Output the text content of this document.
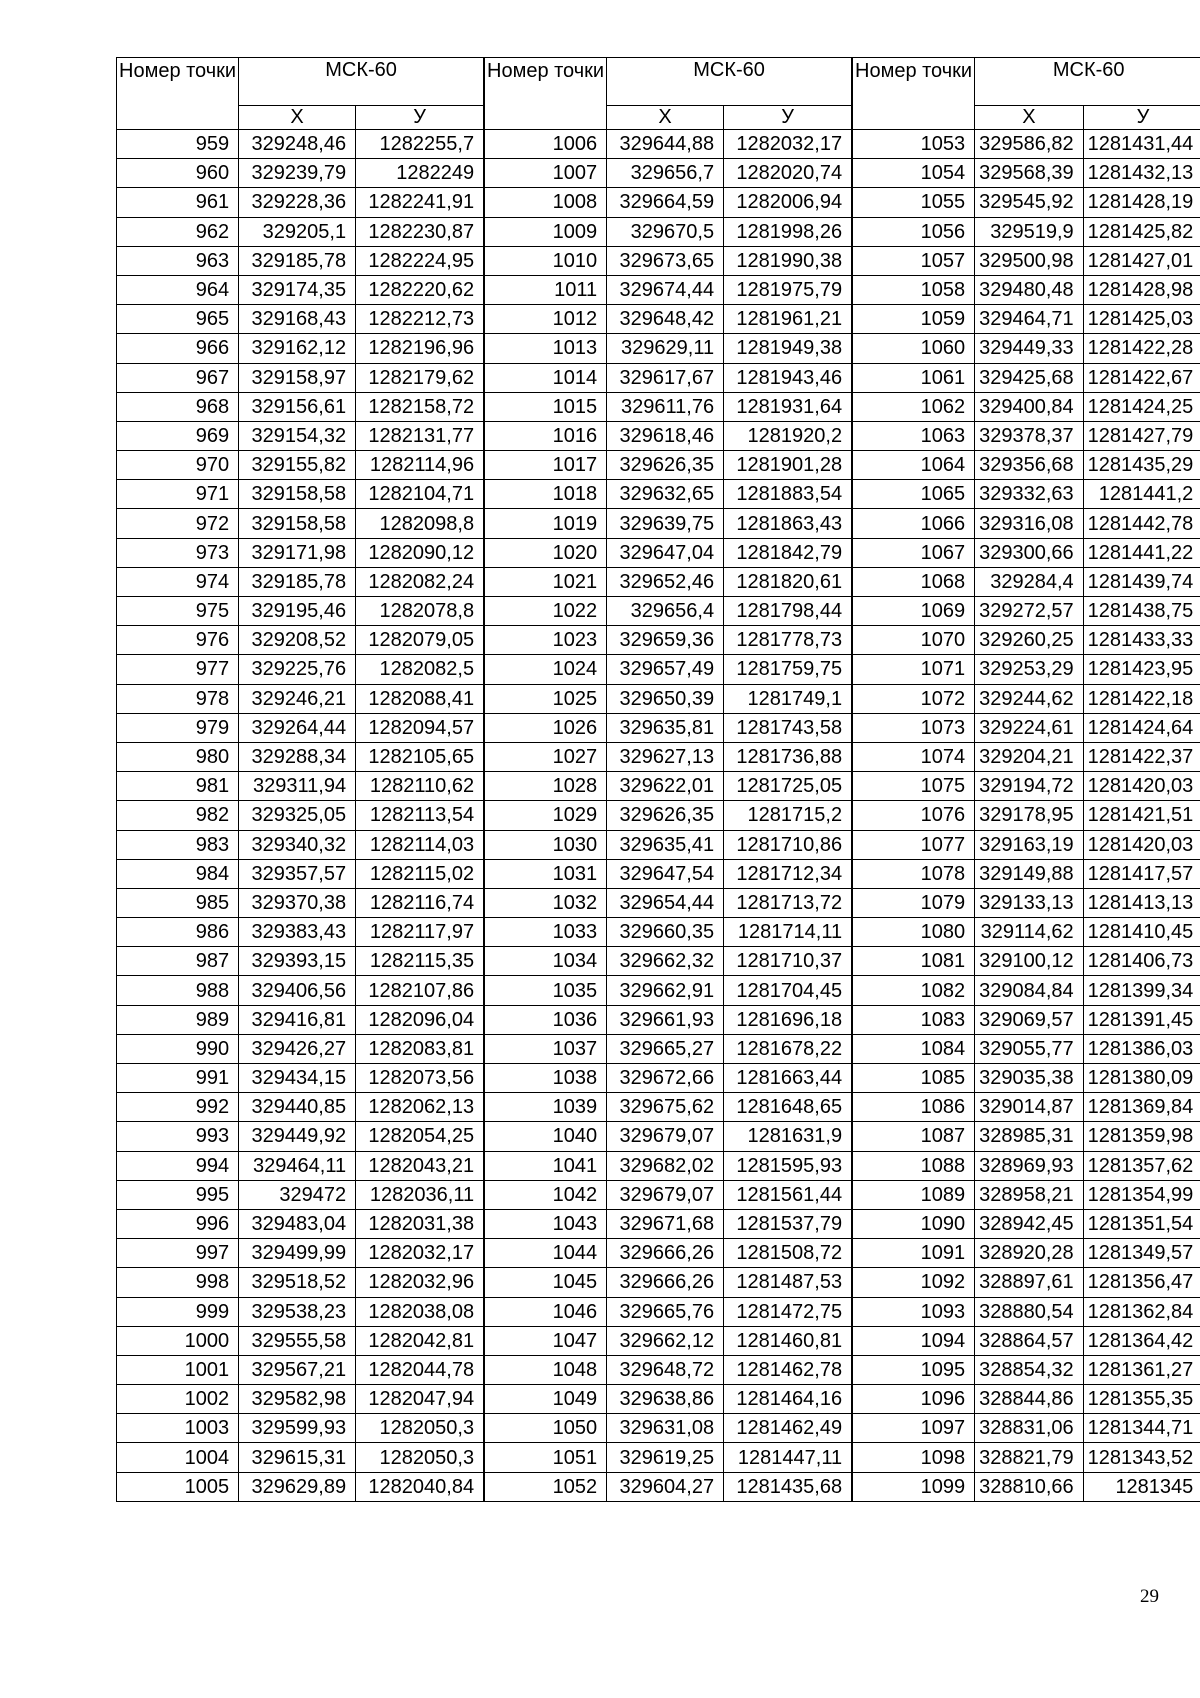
Номер точки	МСК-60	
	Х	У
959	329248,46	1282255,7
960	329239,79	1282249
961	329228,36	1282241,91
962	329205,1	1282230,87
963	329185,78	1282224,95
964	329174,35	1282220,62
965	329168,43	1282212,73
966	329162,12	1282196,96
967	329158,97	1282179,62
968	329156,61	1282158,72
969	329154,32	1282131,77
970	329155,82	1282114,96
971	329158,58	1282104,71
972	329158,58	1282098,8
973	329171,98	1282090,12
974	329185,78	1282082,24
975	329195,46	1282078,8
976	329208,52	1282079,05
977	329225,76	1282082,5
978	329246,21	1282088,41
979	329264,44	1282094,57
980	329288,34	1282105,65
981	329311,94	1282110,62
982	329325,05	1282113,54
983	329340,32	1282114,03
984	329357,57	1282115,02
985	329370,38	1282116,74
986	329383,43	1282117,97
987	329393,15	1282115,35
988	329406,56	1282107,86
989	329416,81	1282096,04
990	329426,27	1282083,81
991	329434,15	1282073,56
992	329440,85	1282062,13
993	329449,92	1282054,25
994	329464,11	1282043,21
995	329472	1282036,11
996	329483,04	1282031,38
997	329499,99	1282032,17
998	329518,52	1282032,96
999	329538,23	1282038,08
1000	329555,58	1282042,81
1001	329567,21	1282044,78
1002	329582,98	1282047,94
1003	329599,93	1282050,3
1004	329615,31	1282050,3
1005	329629,89	1282040,84
Номер точки	МСК-60	
	Х	У
1006	329644,88	1282032,17
1007	329656,7	1282020,74
1008	329664,59	1282006,94
1009	329670,5	1281998,26
1010	329673,65	1281990,38
1011	329674,44	1281975,79
1012	329648,42	1281961,21
1013	329629,11	1281949,38
1014	329617,67	1281943,46
1015	329611,76	1281931,64
1016	329618,46	1281920,2
1017	329626,35	1281901,28
1018	329632,65	1281883,54
1019	329639,75	1281863,43
1020	329647,04	1281842,79
1021	329652,46	1281820,61
1022	329656,4	1281798,44
1023	329659,36	1281778,73
1024	329657,49	1281759,75
1025	329650,39	1281749,1
1026	329635,81	1281743,58
1027	329627,13	1281736,88
1028	329622,01	1281725,05
1029	329626,35	1281715,2
1030	329635,41	1281710,86
1031	329647,54	1281712,34
1032	329654,44	1281713,72
1033	329660,35	1281714,11
1034	329662,32	1281710,37
1035	329662,91	1281704,45
1036	329661,93	1281696,18
1037	329665,27	1281678,22
1038	329672,66	1281663,44
1039	329675,62	1281648,65
1040	329679,07	1281631,9
1041	329682,02	1281595,93
1042	329679,07	1281561,44
1043	329671,68	1281537,79
1044	329666,26	1281508,72
1045	329666,26	1281487,53
1046	329665,76	1281472,75
1047	329662,12	1281460,81
1048	329648,72	1281462,78
1049	329638,86	1281464,16
1050	329631,08	1281462,49
1051	329619,25	1281447,11
1052	329604,27	1281435,68
Номер точки	МСК-60	
	Х	У
1053	329586,82	1281431,44
1054	329568,39	1281432,13
1055	329545,92	1281428,19
1056	329519,9	1281425,82
1057	329500,98	1281427,01
1058	329480,48	1281428,98
1059	329464,71	1281425,03
1060	329449,33	1281422,28
1061	329425,68	1281422,67
1062	329400,84	1281424,25
1063	329378,37	1281427,79
1064	329356,68	1281435,29
1065	329332,63	1281441,2
1066	329316,08	1281442,78
1067	329300,66	1281441,22
1068	329284,4	1281439,74
1069	329272,57	1281438,75
1070	329260,25	1281433,33
1071	329253,29	1281423,95
1072	329244,62	1281422,18
1073	329224,61	1281424,64
1074	329204,21	1281422,37
1075	329194,72	1281420,03
1076	329178,95	1281421,51
1077	329163,19	1281420,03
1078	329149,88	1281417,57
1079	329133,13	1281413,13
1080	329114,62	1281410,45
1081	329100,12	1281406,73
1082	329084,84	1281399,34
1083	329069,57	1281391,45
1084	329055,77	1281386,03
1085	329035,38	1281380,09
1086	329014,87	1281369,84
1087	328985,31	1281359,98
1088	328969,93	1281357,62
1089	328958,21	1281354,99
1090	328942,45	1281351,54
1091	328920,28	1281349,57
1092	328897,61	1281356,47
1093	328880,54	1281362,84
1094	328864,57	1281364,42
1095	328854,32	1281361,27
1096	328844,86	1281355,35
1097	328831,06	1281344,71
1098	328821,79	1281343,52
1099	328810,66	1281345
29
